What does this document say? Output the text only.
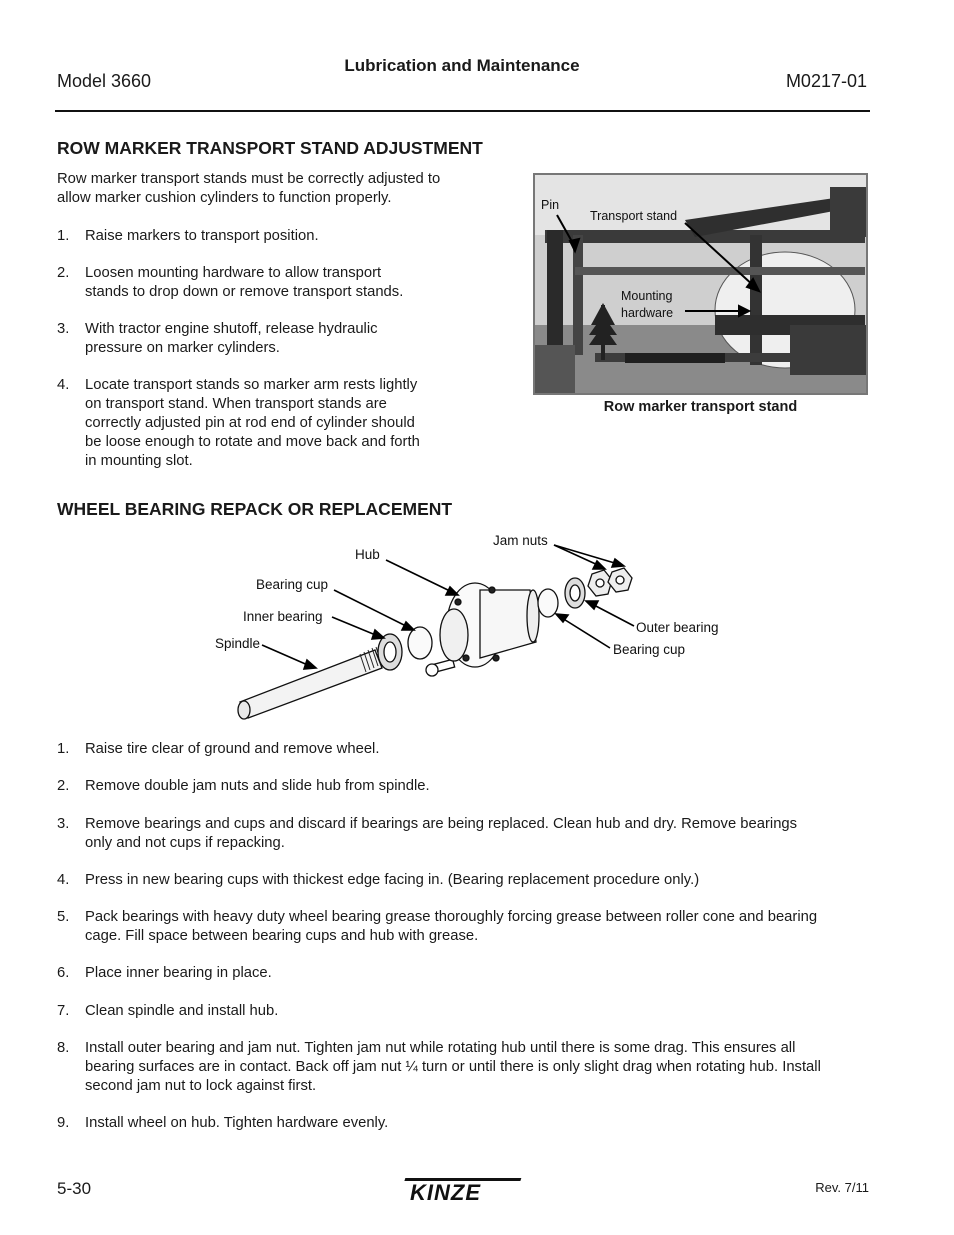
Lubrication and Maintenance
Model 3660	M0217-01
ROW MARKER TRANSPORT STAND ADJUSTMENT
Row marker transport stands must be correctly adjusted to
allow marker cushion cylinders to function properly.
1. Raise markers to transport position.
2. Loosen mounting hardware to allow transport
stands to drop down or remove transport stands.
3. With tractor engine shutoff, release hydraulic
pressure on marker cylinders.
4. Locate transport stands so marker arm rests lightly
on transport stand. When transport stands are
correctly adjusted pin at rod end of cylinder should
be loose enough to rotate and move back and forth
in mounting slot.
Pin
Transport stand
Mounting
hardware
Row marker transport stand
WHEEL BEARING REPACK OR REPLACEMENT
Hub
Jam nuts
Bearing cup
Inner bearing
Spindle
Outer bearing
Bearing cup
1. Raise tire clear of ground and remove wheel.
2. Remove double jam nuts and slide hub from spindle.
3. Remove bearings and cups and discard if bearings are being replaced. Clean hub and dry. Remove bearings
only and not cups if repacking.
4. Press in new bearing cups with thickest edge facing in. (Bearing replacement procedure only.)
5. Pack bearings with heavy duty wheel bearing grease thoroughly forcing grease between roller cone and bearing
cage. Fill space between bearing cups and hub with grease.
6. Place inner bearing in place.
7. Clean spindle and install hub.
8. Install outer bearing and jam nut. Tighten jam nut while rotating hub until there is some drag. This ensures all
bearing surfaces are in contact. Back off jam nut ¼ turn or until there is only slight drag when rotating hub. Install
second jam nut to lock against first.
9. Install wheel on hub. Tighten hardware evenly.
5-30	KINZE	Rev. 7/11
